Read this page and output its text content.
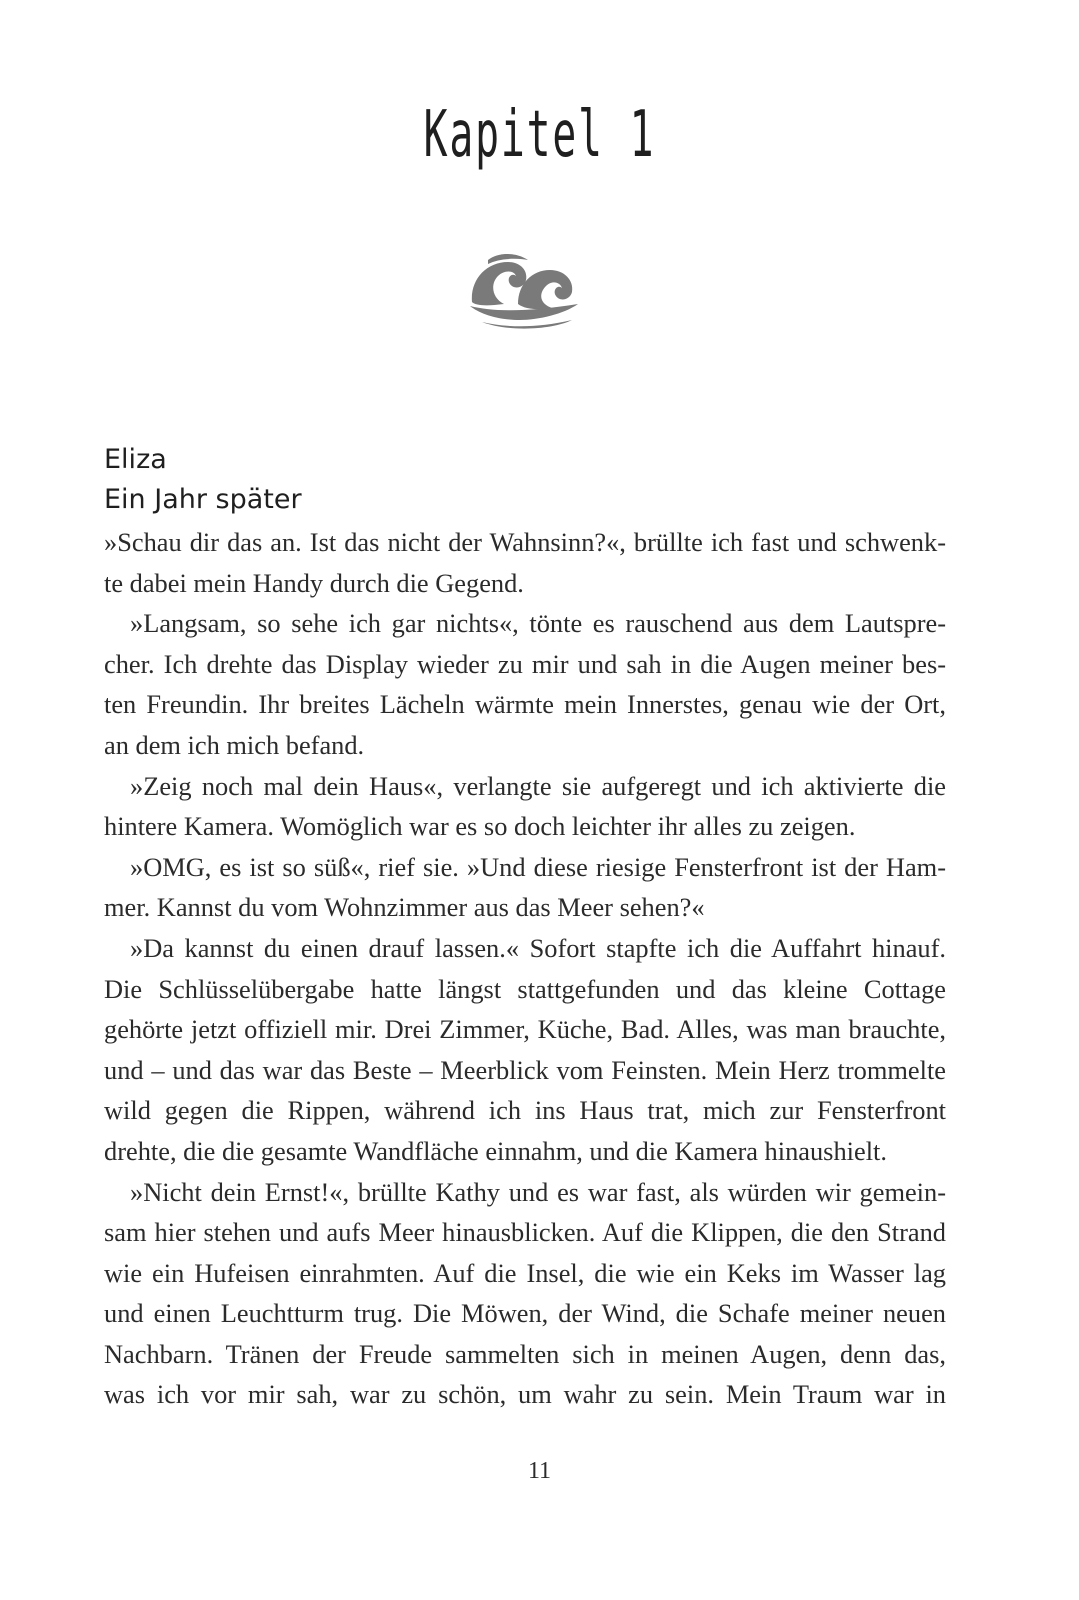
Kapitel 1
Eliza
Ein Jahr später
»Schau dir das an. Ist das nicht der Wahnsinn?«, brüllte ich fast und schwenk-
te dabei mein Handy durch die Gegend.
»Langsam, so sehe ich gar nichts«, tönte es rauschend aus dem Lautspre-
cher. Ich drehte das Display wieder zu mir und sah in die Augen meiner bes-
ten Freundin. Ihr breites Lächeln wärmte mein Innerstes, genau wie der Ort,
an dem ich mich befand.
»Zeig noch mal dein Haus«, verlangte sie aufgeregt und ich aktivierte die
hintere Kamera. Womöglich war es so doch leichter ihr alles zu zeigen.
»OMG, es ist so süß«, rief sie. »Und diese riesige Fensterfront ist der Ham-
mer. Kannst du vom Wohnzimmer aus das Meer sehen?«
»Da kannst du einen drauf lassen.« Sofort stapfte ich die Auffahrt hinauf.
Die Schlüsselübergabe hatte längst stattgefunden und das kleine Cottage
gehörte jetzt offiziell mir. Drei Zimmer, Küche, Bad. Alles, was man brauchte,
und – und das war das Beste – Meerblick vom Feinsten. Mein Herz trommelte
wild gegen die Rippen, während ich ins Haus trat, mich zur Fensterfront
drehte, die die gesamte Wandfläche einnahm, und die Kamera hinaushielt.
»Nicht dein Ernst!«, brüllte Kathy und es war fast, als würden wir gemein-
sam hier stehen und aufs Meer hinausblicken. Auf die Klippen, die den Strand
wie ein Hufeisen einrahmten. Auf die Insel, die wie ein Keks im Wasser lag
und einen Leuchtturm trug. Die Möwen, der Wind, die Schafe meiner neuen
Nachbarn. Tränen der Freude sammelten sich in meinen Augen, denn das,
was ich vor mir sah, war zu schön, um wahr zu sein. Mein Traum war in
11
